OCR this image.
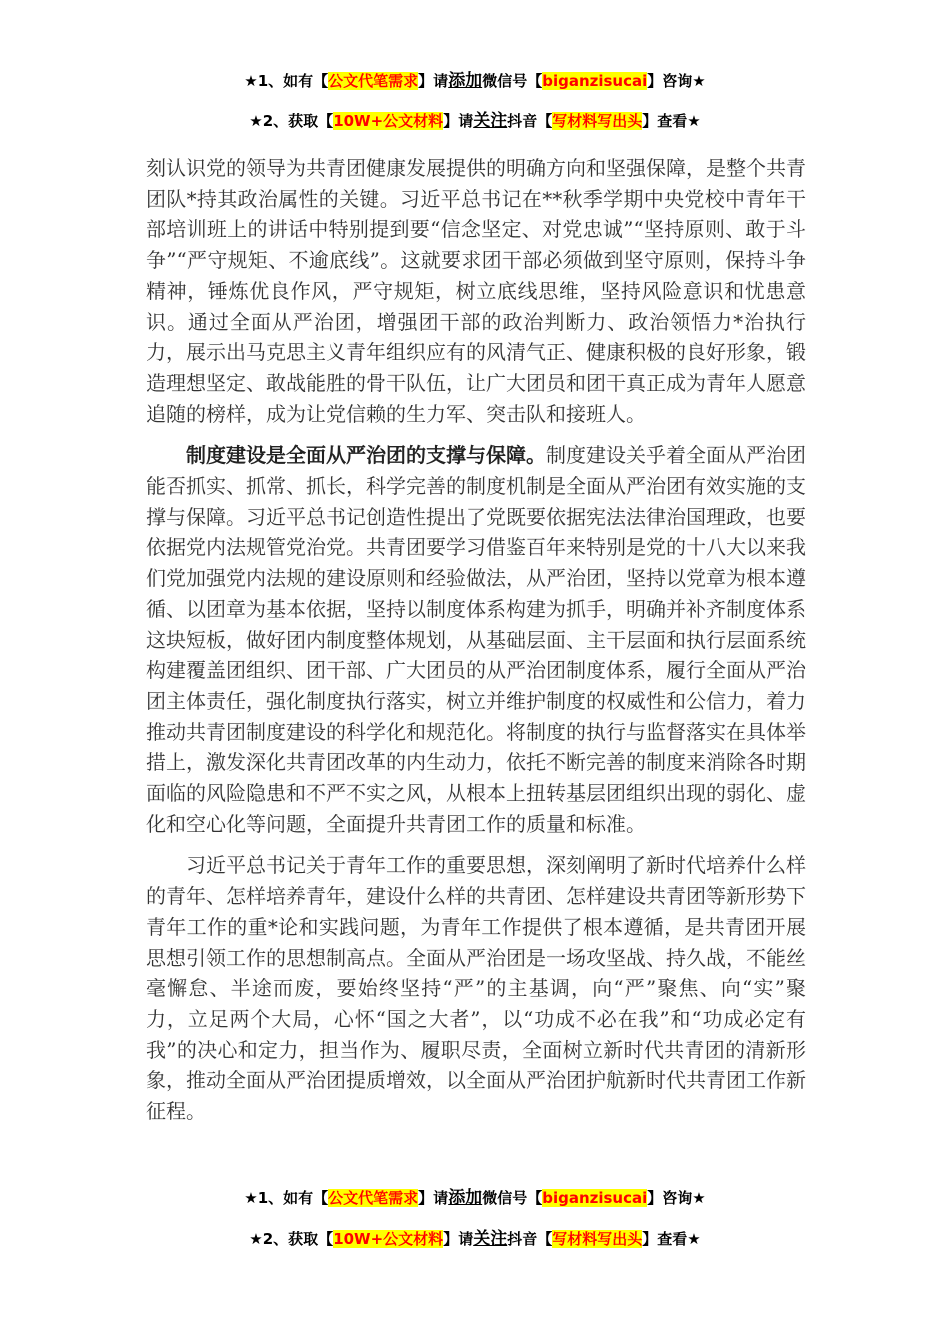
★1、如有【公文代笔需求】请添加微信号【biganzisucai】咨询★
★2、获取【10W+公文材料】请关注抖音【写材料写出头】查看★

刻认识党的领导为共青团健康发展提供的明确方向和坚强保障，是整个共青团队*持其政治属性的关键。习近平总书记在**秋季学期中央党校中青年干部培训班上的讲话中特别提到要“信念坚定、对党忠诚”“坚持原则、敢于斗争”“严守规矩、不逾底线”。这就要求团干部必须做到坚守原则，保持斗争精神，锤炼优良作风，严守规矩，树立底线思维，坚持风险意识和忧患意识。通过全面从严治团，增强团干部的政治判断力、政治领悟力*治执行力，展示出马克思主义青年组织应有的风清气正、健康积极的良好形象，锻造理想坚定、敢战能胜的骨干队伍，让广大团员和团干真正成为青年人愿意追随的榜样，成为让党信赖的生力军、突击队和接班人。

制度建设是全面从严治团的支撑与保障。制度建设关乎着全面从严治团能否抓实、抓常、抓长，科学完善的制度机制是全面从严治团有效实施的支撑与保障。习近平总书记创造性提出了党既要依据宪法法律治国理政，也要依据党内法规管党治党。共青团要学习借鉴百年来特别是党的十八大以来我们党加强党内法规的建设原则和经验做法，从严治团，坚持以党章为根本遵循、以团章为基本依据，坚持以制度体系构建为抓手，明确并补齐制度体系这块短板，做好团内制度整体规划，从基础层面、主干层面和执行层面系统构建覆盖团组织、团干部、广大团员的从严治团制度体系，履行全面从严治团主体责任，强化制度执行落实，树立并维护制度的权威性和公信力，着力推动共青团制度建设的科学化和规范化。将制度的执行与监督落实在具体举措上，激发深化共青团改革的内生动力，依托不断完善的制度来消除各时期面临的风险隐患和不严不实之风，从根本上扭转基层团组织出现的弱化、虚化和空心化等问题，全面提升共青团工作的质量和标准。

习近平总书记关于青年工作的重要思想，深刻阐明了新时代培养什么样的青年、怎样培养青年，建设什么样的共青团、怎样建设共青团等新形势下青年工作的重*论和实践问题，为青年工作提供了根本遵循，是共青团开展思想引领工作的思想制高点。全面从严治团是一场攻坚战、持久战，不能丝毫懈怠、半途而废，要始终坚持“严”的主基调，向“严”聚焦、向“实”聚力，立足两个大局，心怀“国之大者”，以“功成不必在我”和“功成必定有我”的决心和定力，担当作为、履职尽责，全面树立新时代共青团的清新形象，推动全面从严治团提质增效，以全面从严治团护航新时代共青团工作新征程。

★1、如有【公文代笔需求】请添加微信号【biganzisucai】咨询★
★2、获取【10W+公文材料】请关注抖音【写材料写出头】查看★
